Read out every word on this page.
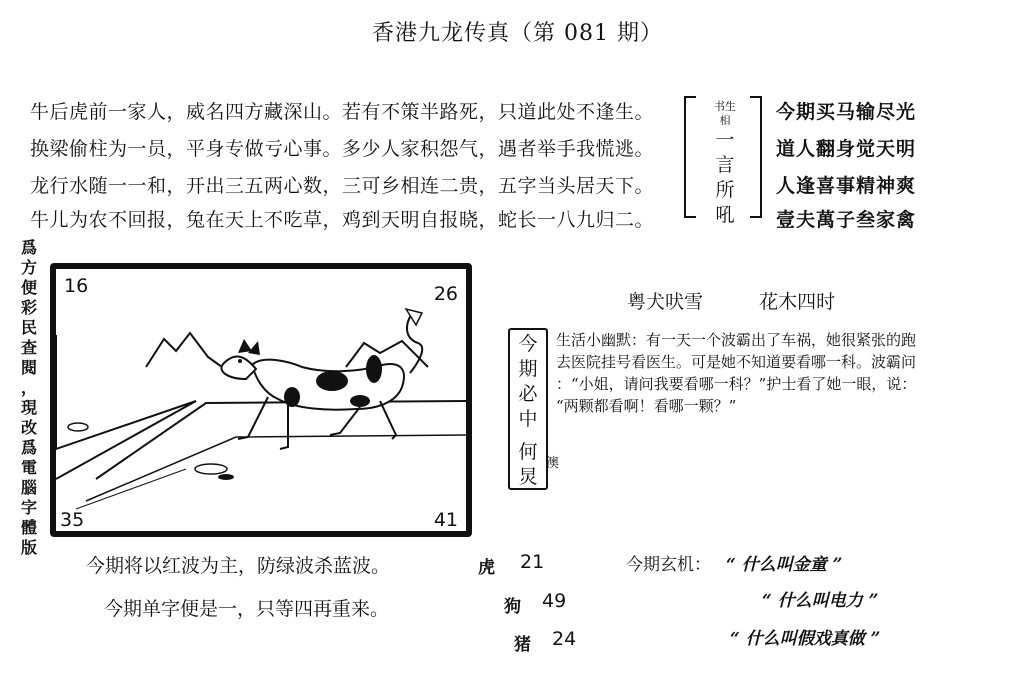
香港九龙传真（第 081 期）
牛后虎前一家人，威名四方藏深山。若有不策半路死，只道此处不逢生。
换梁偷柱为一员，平身专做亏心事。多少人家积怨气，遇者举手我慌逃。
龙行水随一一和，开出三五两心数，三可乡相连二贵，五字当头居天下。
牛儿为农不回报，兔在天上不吃草，鸡到天明自报晓，蛇长一八九归二。
书生相
一
言
所
吼
今期买马输尽光
道人翻身觉天明
人逢喜事精神爽
壹夫萬子叁家禽
爲
方
便
彩
民
查
閱
，
現
改
爲
電
腦
字
體
版
16	26
35	41
粤犬吠雪	花木四时
今
期
必
中
何
炅
澳
生活小幽默：有一天一个波霸出了车祸，她很紧张的跑
去医院挂号看医生。可是她不知道要看哪一科。波霸问
：“小姐，请问我要看哪一科？”护士看了她一眼，说：
“两颗都看啊！看哪一颗？”
今期将以红波为主，防绿波杀蓝波。
今期单字便是一，只等四再重来。
虎 21
狗 49
猪 24
今期玄机： “ 什么叫金童 ”
“ 什么叫电力 ”
“ 什么叫假戏真做 ”
